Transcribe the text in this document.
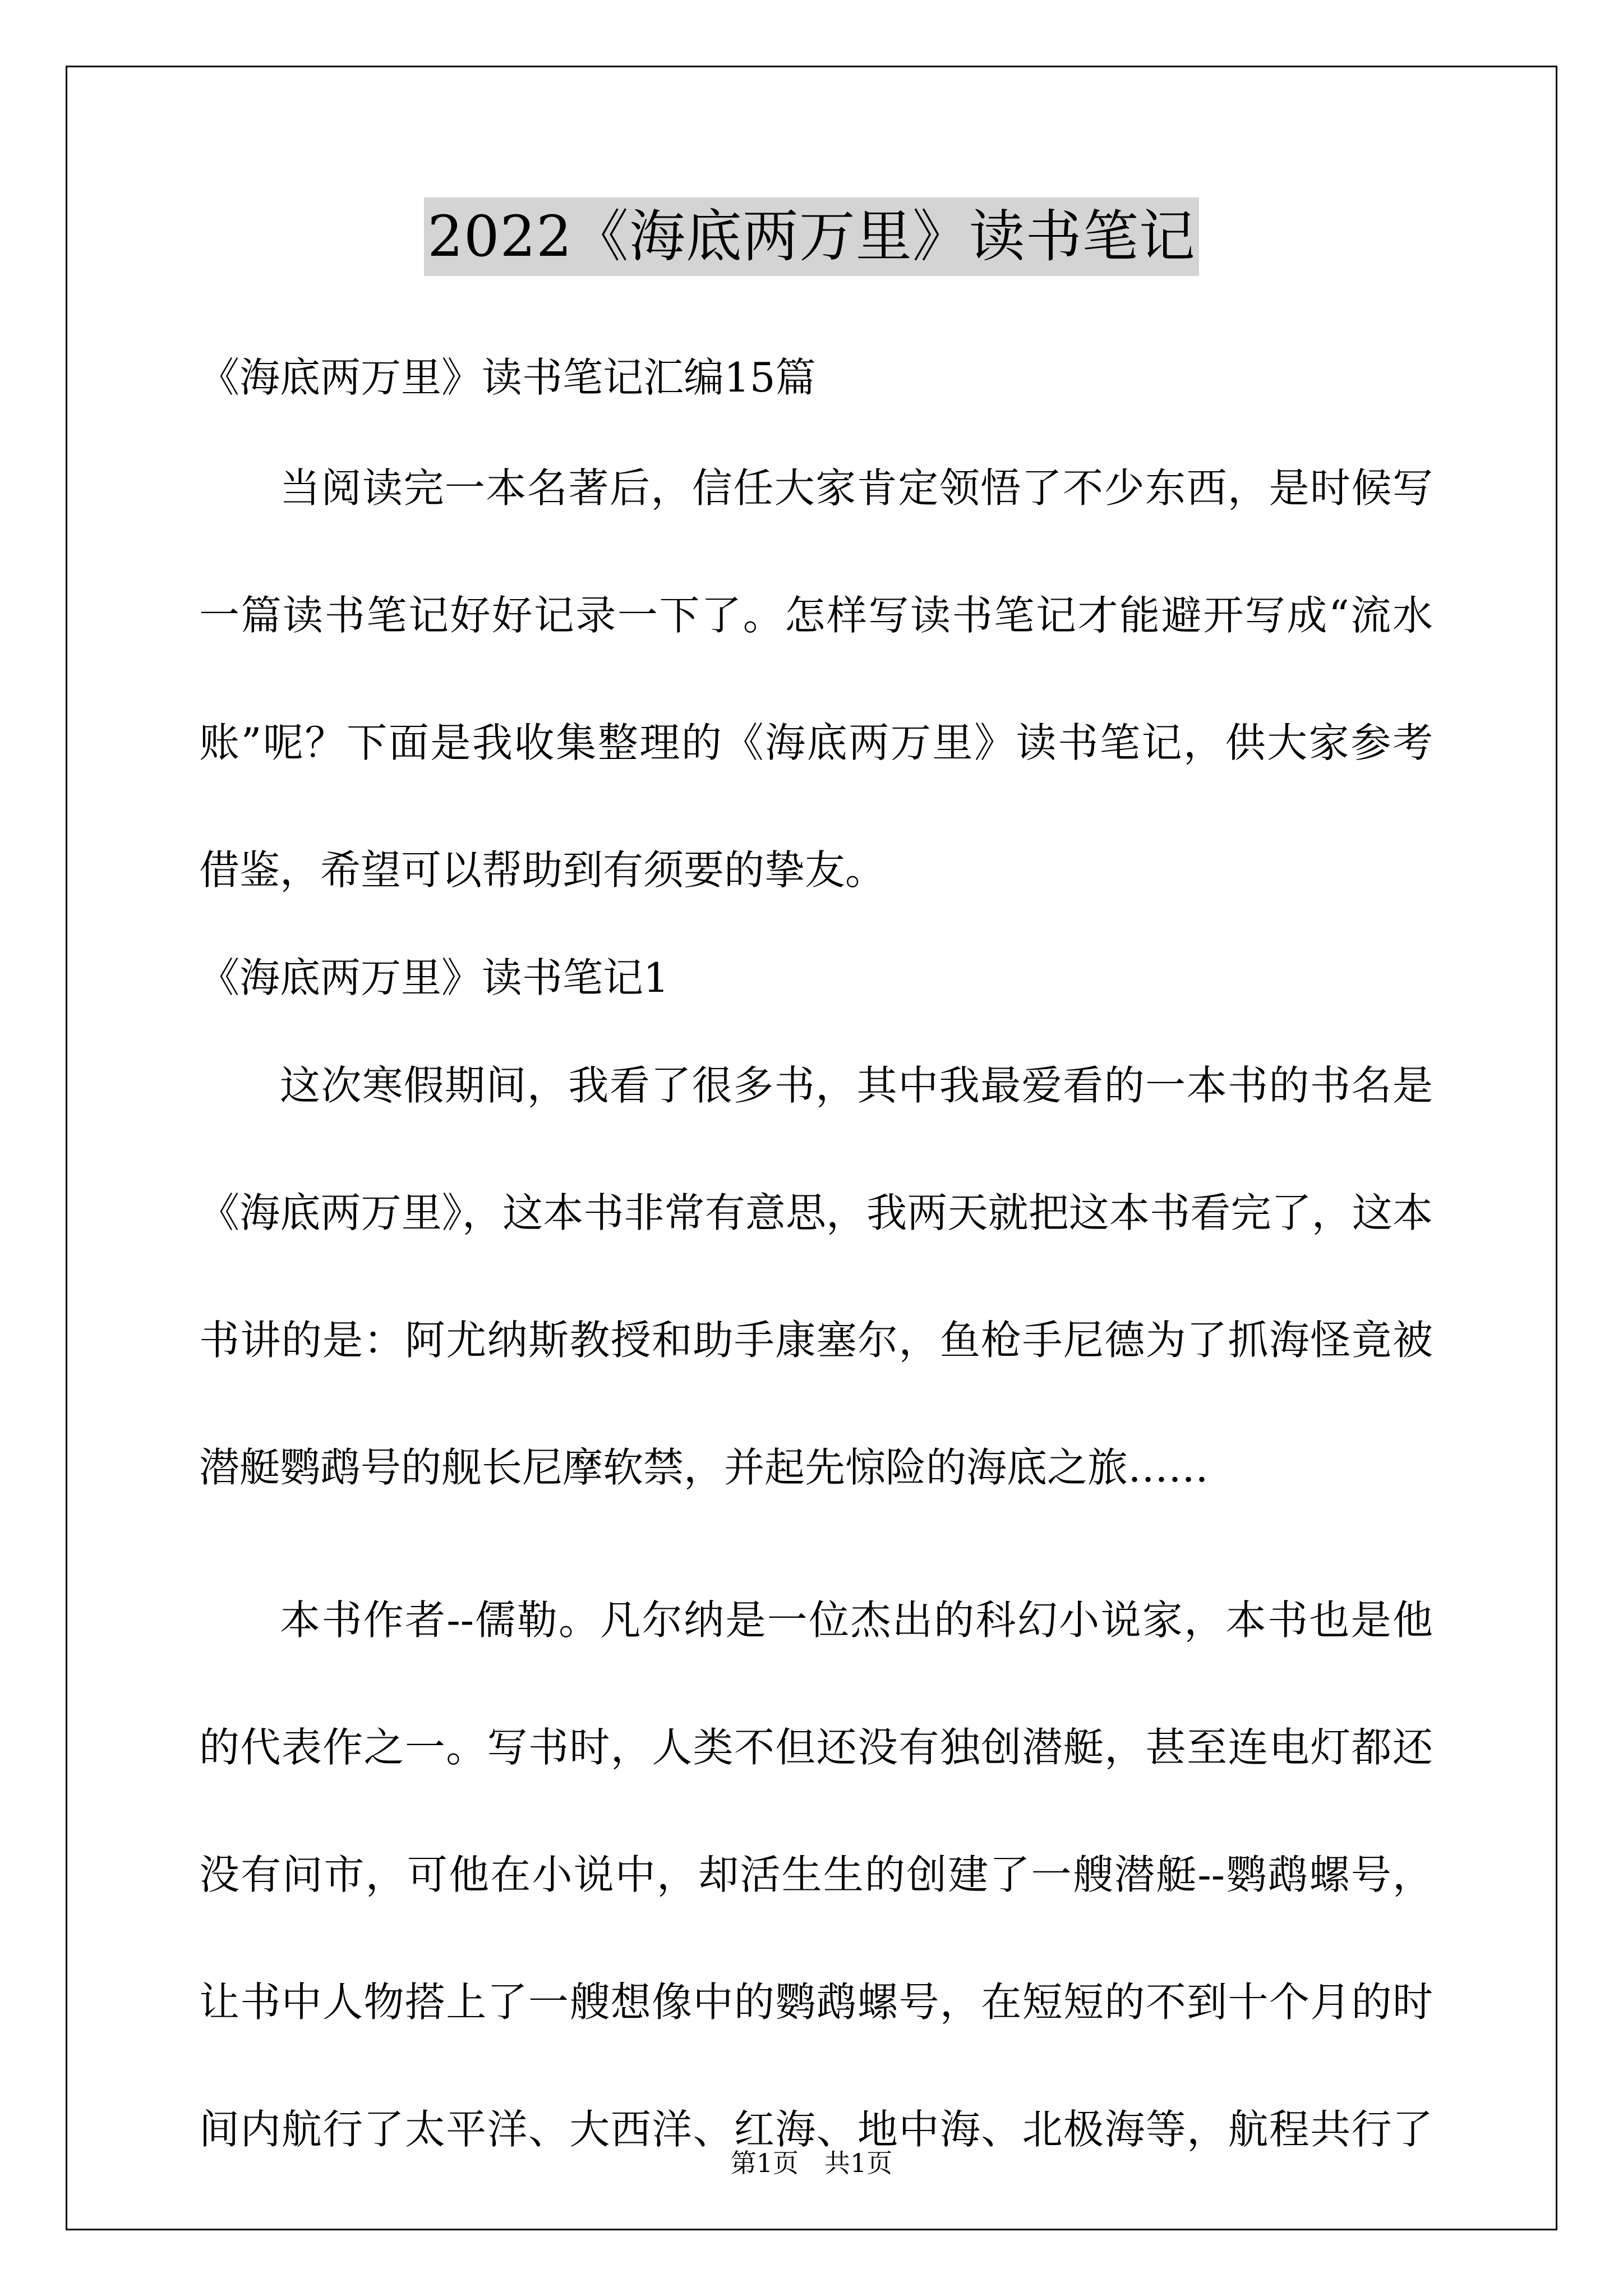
2022《海底两万里》读书笔记
《海底两万里》读书笔记汇编15篇
当阅读完一本名著后，信任大家肯定领悟了不少东西，是时候写
一篇读书笔记好好记录一下了。怎样写读书笔记才能避开写成“流水
账”呢？下面是我收集整理的《海底两万里》读书笔记，供大家参考
借鉴，希望可以帮助到有须要的挚友。
《海底两万里》读书笔记1
这次寒假期间，我看了很多书，其中我最爱看的一本书的书名是
《海底两万里》，这本书非常有意思，我两天就把这本书看完了，这本
书讲的是：阿尤纳斯教授和助手康塞尔，鱼枪手尼德为了抓海怪竟被
潜艇鹦鹉号的舰长尼摩软禁，并起先惊险的海底之旅……
本书作者--儒勒。凡尔纳是一位杰出的科幻小说家，本书也是他
的代表作之一。写书时，人类不但还没有独创潜艇，甚至连电灯都还
没有问市，可他在小说中，却活生生的创建了一艘潜艇--鹦鹉螺号，
让书中人物搭上了一艘想像中的鹦鹉螺号，在短短的不到十个月的时
间内航行了太平洋、大西洋、红海、地中海、北极海等，航程共行了
第1页　共1页
